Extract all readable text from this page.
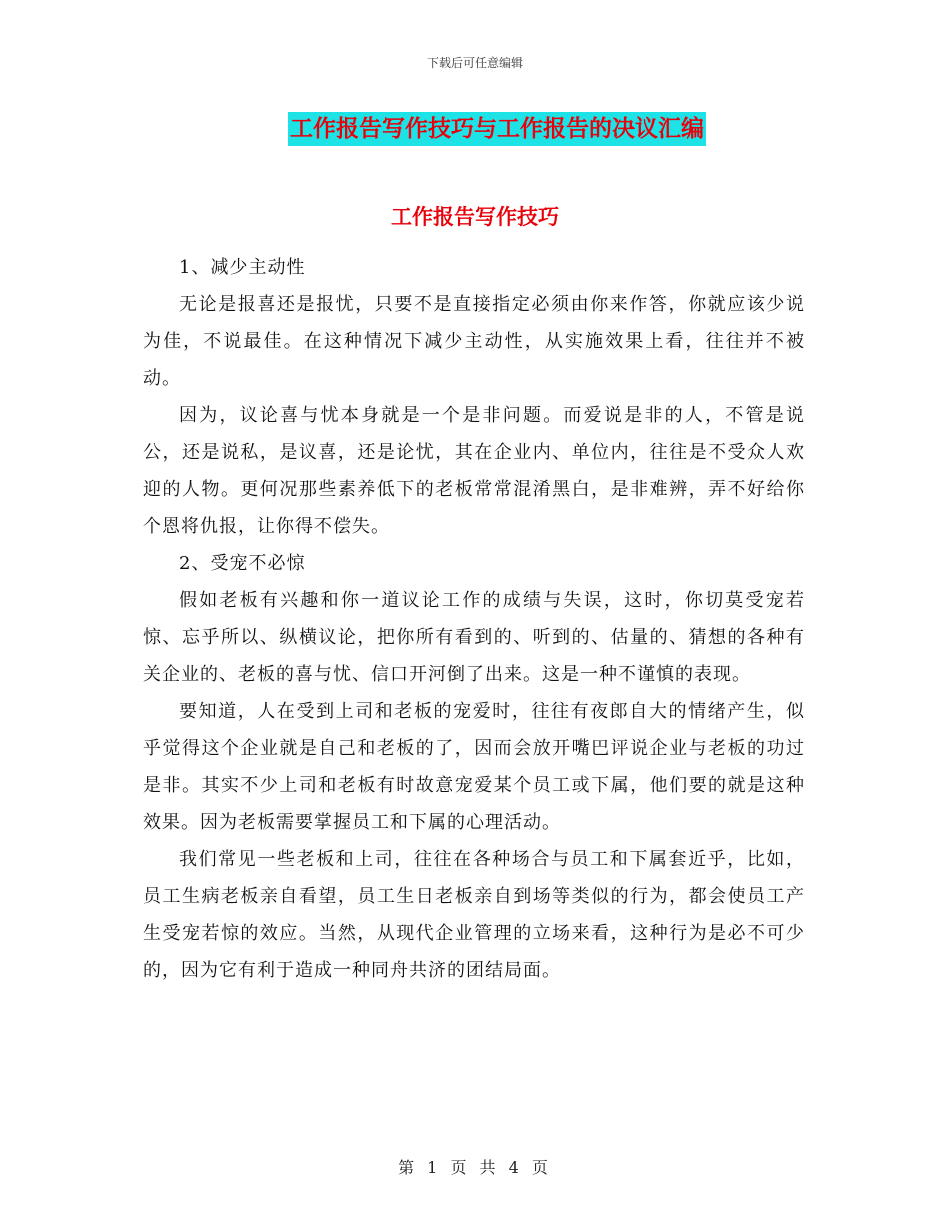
下载后可任意编辑
工作报告写作技巧与工作报告的决议汇编
工作报告写作技巧

1、减少主动性

无论是报喜还是报忧，只要不是直接指定必须由你来作答，你就应该少说为佳，不说最佳。在这种情况下减少主动性，从实施效果上看，往往并不被动。

因为，议论喜与忧本身就是一个是非问题。而爱说是非的人，不管是说公，还是说私，是议喜，还是论忧，其在企业内、单位内，往往是不受众人欢迎的人物。更何况那些素养低下的老板常常混淆黑白，是非难辨，弄不好给你个恩将仇报，让你得不偿失。

2、受宠不必惊

假如老板有兴趣和你一道议论工作的成绩与失误，这时，你切莫受宠若惊、忘乎所以、纵横议论，把你所有看到的、听到的、估量的、猜想的各种有关企业的、老板的喜与忧、信口开河倒了出来。这是一种不谨慎的表现。

要知道，人在受到上司和老板的宠爱时，往往有夜郎自大的情绪产生，似乎觉得这个企业就是自己和老板的了，因而会放开嘴巴评说企业与老板的功过是非。其实不少上司和老板有时故意宠爱某个员工或下属，他们要的就是这种效果。因为老板需要掌握员工和下属的心理活动。

我们常见一些老板和上司，往往在各种场合与员工和下属套近乎，比如，员工生病老板亲自看望，员工生日老板亲自到场等类似的行为，都会使员工产生受宠若惊的效应。当然，从现代企业管理的立场来看，这种行为是必不可少的，因为它有利于造成一种同舟共济的团结局面。

第 1 页 共 4 页
